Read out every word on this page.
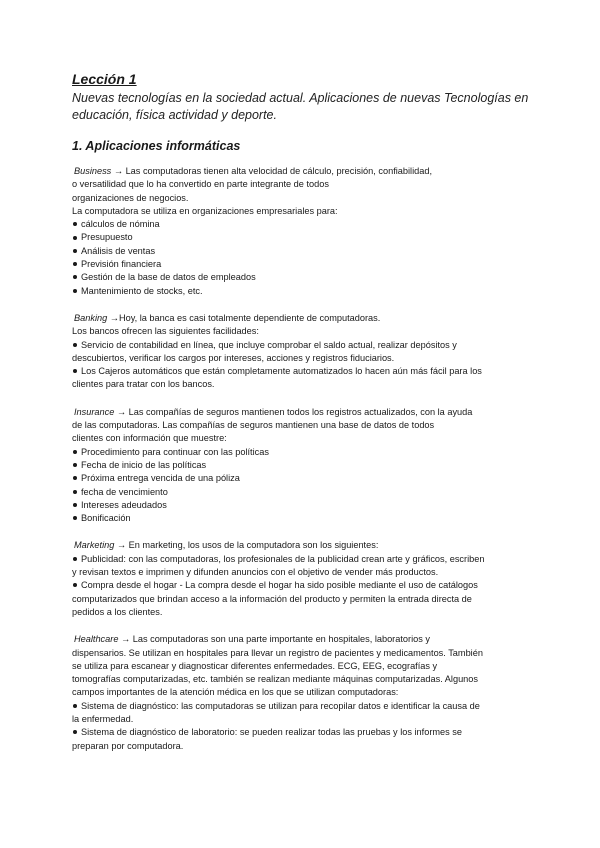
Lección 1
Nuevas tecnologías en la sociedad actual. Aplicaciones de nuevas Tecnologías en
educación, física actividad y deporte.
1. Aplicaciones informáticas
Business → Las computadoras tienen alta velocidad de cálculo, precisión, confiabilidad,
o versatilidad que lo ha convertido en parte integrante de todos
organizaciones de negocios.
La computadora se utiliza en organizaciones empresariales para:
cálculos de nómina
Presupuesto
Análisis de ventas
Previsión financiera
Gestión de la base de datos de empleados
Mantenimiento de stocks, etc.
Banking →Hoy, la banca es casi totalmente dependiente de computadoras.
Los bancos ofrecen las siguientes facilidades:
Servicio de contabilidad en línea, que incluye comprobar el saldo actual, realizar depósitos y
descubiertos, verificar los cargos por intereses, acciones y registros fiduciarios.
Los Cajeros automáticos que están completamente automatizados lo hacen aún más fácil para los
clientes para tratar con los bancos.
Insurance → Las compañías de seguros mantienen todos los registros actualizados, con la ayuda
de las computadoras. Las compañías de seguros mantienen una base de datos de todos
clientes con información que muestre:
Procedimiento para continuar con las políticas
Fecha de inicio de las políticas
Próxima entrega vencida de una póliza
fecha de vencimiento
Intereses adeudados
Bonificación
Marketing → En marketing, los usos de la computadora son los siguientes:
Publicidad: con las computadoras, los profesionales de la publicidad crean arte y gráficos, escriben
y revisan textos e imprimen y difunden anuncios con el objetivo de vender más productos.
Compra desde el hogar - La compra desde el hogar ha sido posible mediante el uso de catálogos
computarizados que brindan acceso a la información del producto y permiten la entrada directa de
pedidos a los clientes.
Healthcare → Las computadoras son una parte importante en hospitales, laboratorios y
dispensarios. Se utilizan en hospitales para llevar un registro de pacientes y medicamentos. También
se utiliza para escanear y diagnosticar diferentes enfermedades. ECG, EEG, ecografías y
tomografías computarizadas, etc. también se realizan mediante máquinas computarizadas. Algunos
campos importantes de la atención médica en los que se utilizan computadoras:
Sistema de diagnóstico: las computadoras se utilizan para recopilar datos e identificar la causa de
la enfermedad.
Sistema de diagnóstico de laboratorio: se pueden realizar todas las pruebas y los informes se
preparan por computadora.
